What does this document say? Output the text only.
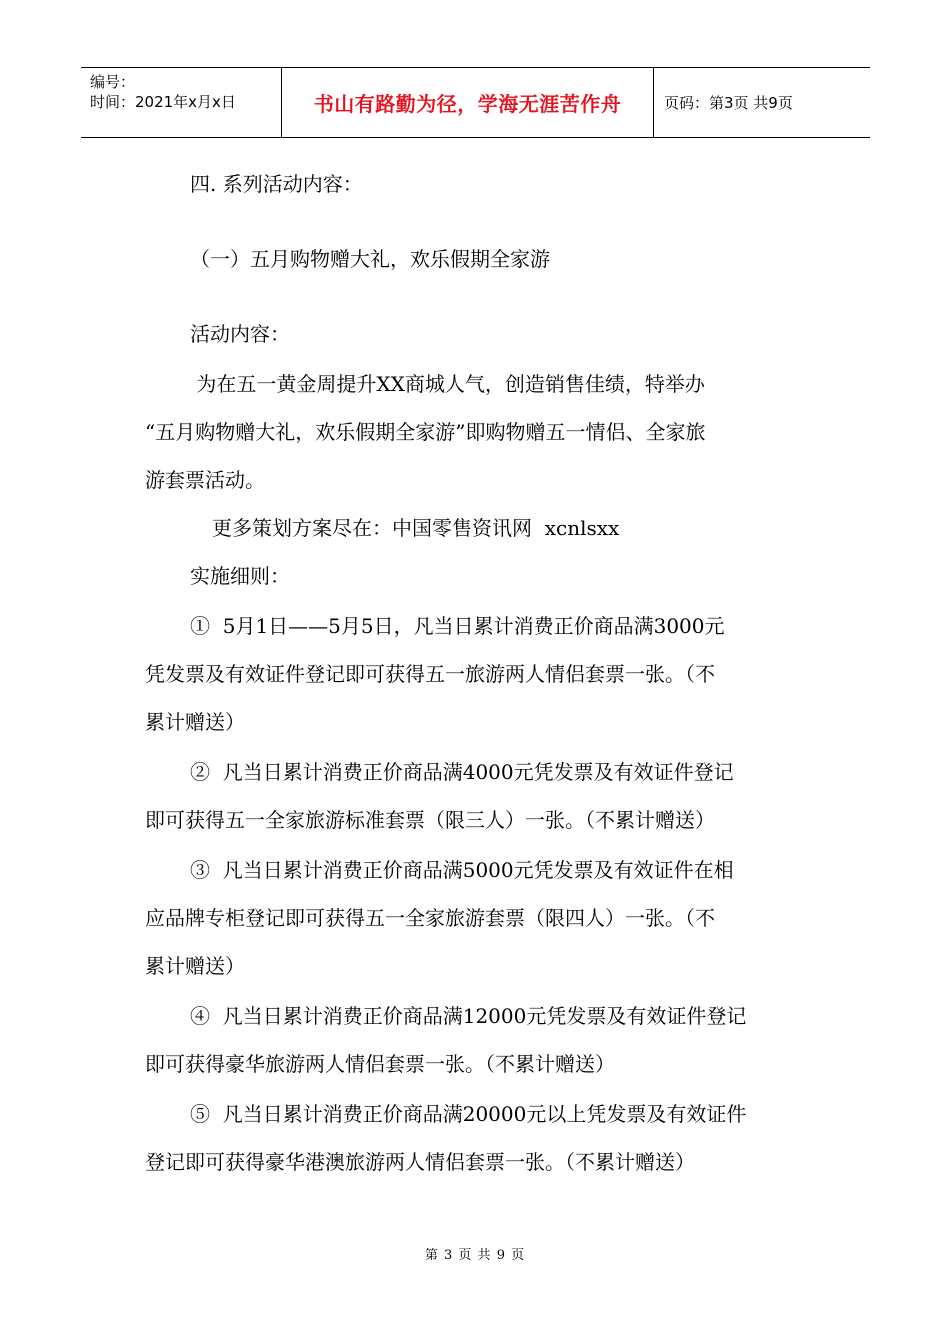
编号：
时间：2021年x月x日	书山有路勤为径，学海无涯苦作舟	页码：第3页 共9页

四. 系列活动内容：

（一）五月购物赠大礼，欢乐假期全家游

活动内容：

为在五一黄金周提升XX商城人气，创造销售佳绩，特举办

“五月购物赠大礼，欢乐假期全家游”即购物赠五一情侣、全家旅

游套票活动。

更多策划方案尽在：中国零售资讯网  xcnlsxx

实施细则：

①  5月1日——5月5日，凡当日累计消费正价商品满3000元

凭发票及有效证件登记即可获得五一旅游两人情侣套票一张。（不

累计赠送）

②  凡当日累计消费正价商品满4000元凭发票及有效证件登记

即可获得五一全家旅游标准套票（限三人）一张。（不累计赠送）

③  凡当日累计消费正价商品满5000元凭发票及有效证件在相

应品牌专柜登记即可获得五一全家旅游套票（限四人）一张。（不

累计赠送）

④  凡当日累计消费正价商品满12000元凭发票及有效证件登记

即可获得豪华旅游两人情侣套票一张。（不累计赠送）

⑤  凡当日累计消费正价商品满20000元以上凭发票及有效证件

登记即可获得豪华港澳旅游两人情侣套票一张。（不累计赠送）

第 3 页 共 9 页
